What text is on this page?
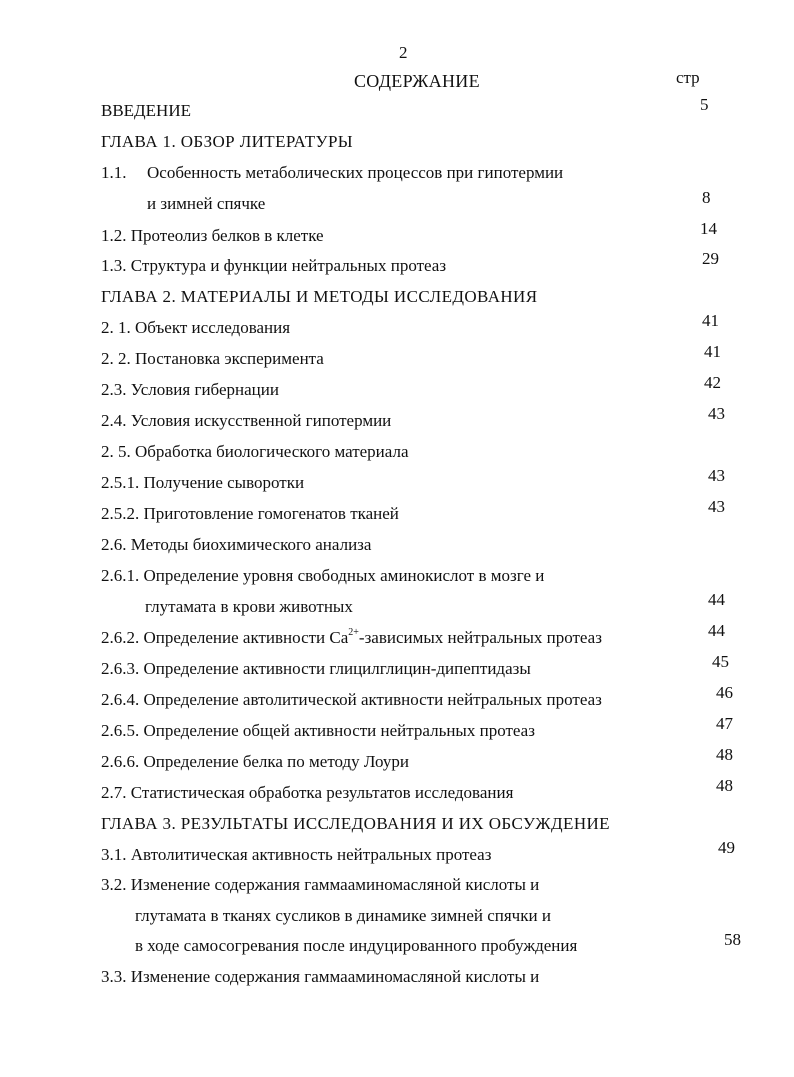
2
СОДЕРЖАНИЕ	стр
ВВЕДЕНИЕ	5
ГЛАВА 1. ОБЗОР ЛИТЕРАТУРЫ
1.1. Особенность метаболических процессов при гипотермии
и зимней спячке	8
1.2. Протеолиз белков в клетке	14
1.3. Структура и функции нейтральных протеаз	29
ГЛАВА 2. МАТЕРИАЛЫ И МЕТОДЫ ИССЛЕДОВАНИЯ
2. 1. Объект исследования	41
2. 2. Постановка эксперимента	41
2.3. Условия гибернации	42
2.4. Условия искусственной гипотермии	43
2. 5. Обработка биологического материала
2.5.1. Получение сыворотки	43
2.5.2. Приготовление гомогенатов тканей	43
2.6. Методы биохимического анализа
2.6.1. Определение уровня свободных аминокислот в мозге и
глутамата в крови животных	44
2.6.2. Определение активности $Ca^{2+}$-зависимых нейтральных протеаз	44
2.6.3. Определение активности глицилглицин-дипептидазы	45
2.6.4. Определение автолитической активности нейтральных протеаз	46
2.6.5. Определение общей активности нейтральных протеаз	47
2.6.6. Определение белка по методу Лоури	48
2.7. Статистическая обработка результатов исследования	48
ГЛАВА 3. РЕЗУЛЬТАТЫ ИССЛЕДОВАНИЯ И ИХ ОБСУЖДЕНИЕ
3.1. Автолитическая активность нейтральных протеаз	49
3.2. Изменение содержания гаммааминомасляной кислоты и
глутамата в тканях сусликов в динамике зимней спячки и
в ходе самосогревания после индуцированного пробуждения	58
3.3. Изменение содержания гаммааминомасляной кислоты и
